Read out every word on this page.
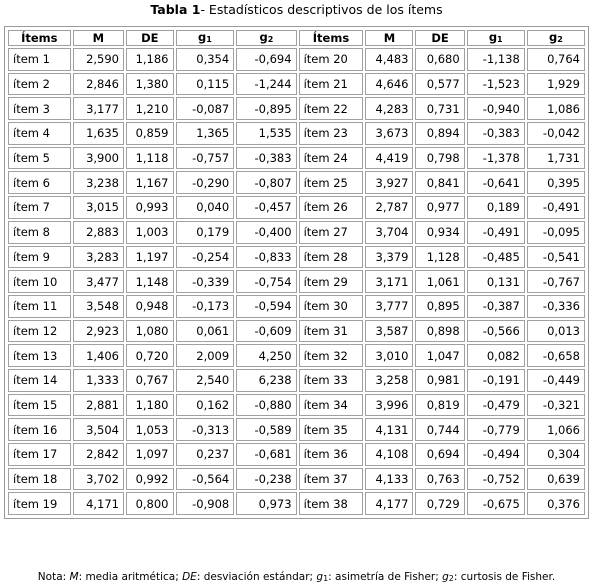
Tabla 1- Estadísticos descriptivos de los ítems
Ítems	M	DE	$g_1$	$g_2$	Ítems	M	DE	$g_1$	$g_2$
ítem 1	2,590	1,186	0,354	-0,694	ítem 20	4,483	0,680	-1,138	0,764
ítem 2	2,846	1,380	0,115	-1,244	ítem 21	4,646	0,577	-1,523	1,929
ítem 3	3,177	1,210	-0,087	-0,895	ítem 22	4,283	0,731	-0,940	1,086
ítem 4	1,635	0,859	1,365	1,535	ítem 23	3,673	0,894	-0,383	-0,042
ítem 5	3,900	1,118	-0,757	-0,383	ítem 24	4,419	0,798	-1,378	1,731
ítem 6	3,238	1,167	-0,290	-0,807	ítem 25	3,927	0,841	-0,641	0,395
ítem 7	3,015	0,993	0,040	-0,457	ítem 26	2,787	0,977	0,189	-0,491
ítem 8	2,883	1,003	0,179	-0,400	ítem 27	3,704	0,934	-0,491	-0,095
ítem 9	3,283	1,197	-0,254	-0,833	ítem 28	3,379	1,128	-0,485	-0,541
ítem 10	3,477	1,148	-0,339	-0,754	ítem 29	3,171	1,061	0,131	-0,767
ítem 11	3,548	0,948	-0,173	-0,594	ítem 30	3,777	0,895	-0,387	-0,336
ítem 12	2,923	1,080	0,061	-0,609	ítem 31	3,587	0,898	-0,566	0,013
ítem 13	1,406	0,720	2,009	4,250	ítem 32	3,010	1,047	0,082	-0,658
ítem 14	1,333	0,767	2,540	6,238	ítem 33	3,258	0,981	-0,191	-0,449
ítem 15	2,881	1,180	0,162	-0,880	ítem 34	3,996	0,819	-0,479	-0,321
ítem 16	3,504	1,053	-0,313	-0,589	ítem 35	4,131	0,744	-0,779	1,066
ítem 17	2,842	1,097	0,237	-0,681	ítem 36	4,108	0,694	-0,494	0,304
ítem 18	3,702	0,992	-0,564	-0,238	ítem 37	4,133	0,763	-0,752	0,639
ítem 19	4,171	0,800	-0,908	0,973	ítem 38	4,177	0,729	-0,675	0,376
Nota: M: media aritmética; DE: desviación estándar; $g_1$: asimetría de Fisher; $g_2$: curtosis de Fisher.
